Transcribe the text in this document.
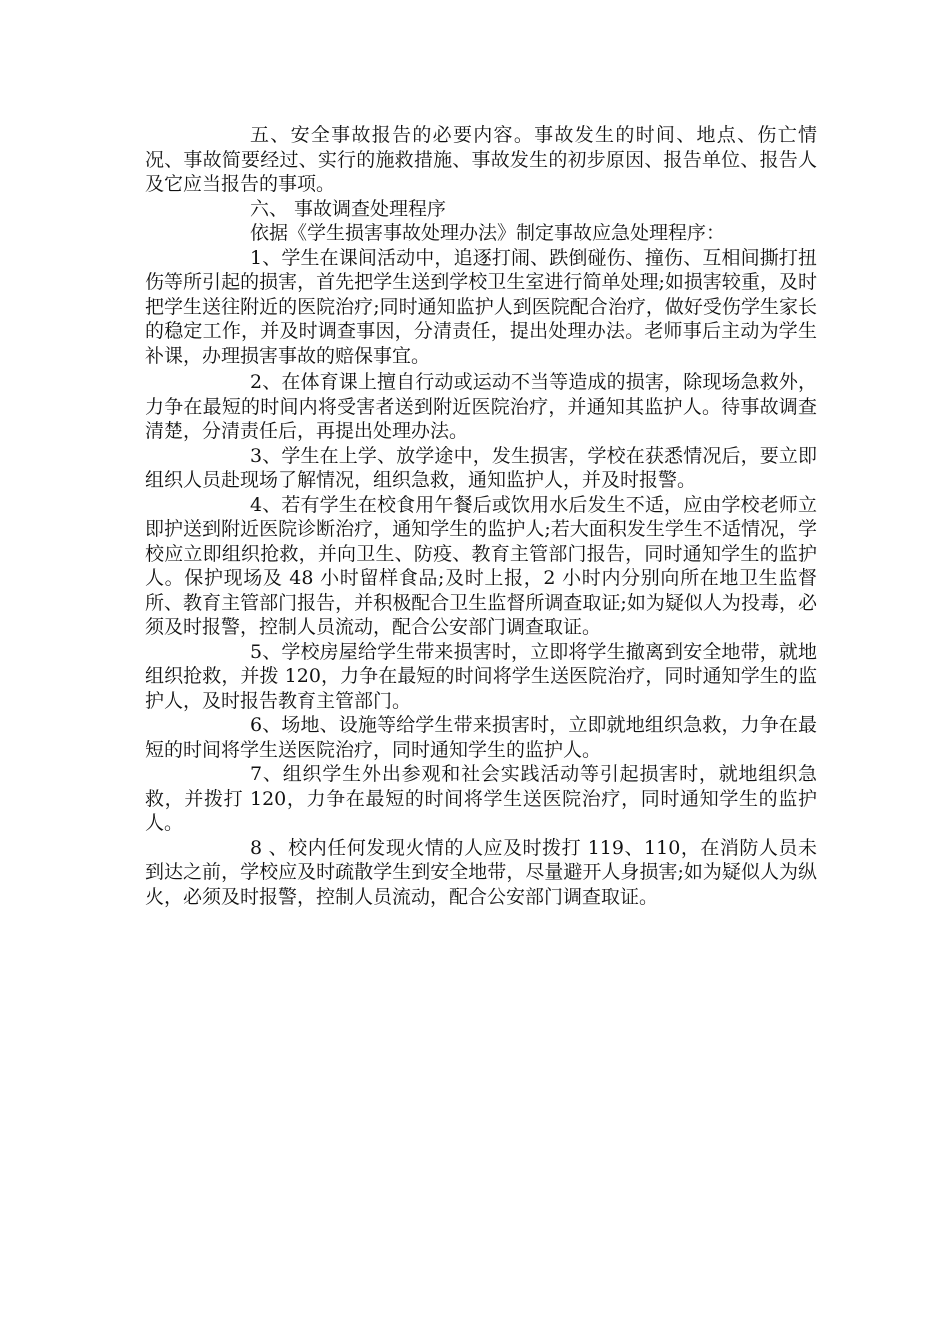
五、安全事故报告的必要内容。事故发生的时间、地点、伤亡情况、事故简要经过、实行的施救措施、事故发生的初步原因、报告单位、报告人及它应当报告的事项。

六、 事故调查处理程序

依据《学生损害事故处理办法》制定事故应急处理程序：

1、学生在课间活动中，追逐打闹、跌倒碰伤、撞伤、互相间撕打扭伤等所引起的损害，首先把学生送到学校卫生室进行简单处理;如损害较重，及时把学生送往附近的医院治疗;同时通知监护人到医院配合治疗，做好受伤学生家长的稳定工作，并及时调查事因，分清责任，提出处理办法。老师事后主动为学生补课，办理损害事故的赔保事宜。

2、在体育课上擅自行动或运动不当等造成的损害，除现场急救外，力争在最短的时间内将受害者送到附近医院治疗，并通知其监护人。待事故调查清楚，分清责任后，再提出处理办法。

3、学生在上学、放学途中，发生损害，学校在获悉情况后，要立即组织人员赴现场了解情况，组织急救，通知监护人，并及时报警。

4、若有学生在校食用午餐后或饮用水后发生不适，应由学校老师立即护送到附近医院诊断治疗，通知学生的监护人;若大面积发生学生不适情况，学校应立即组织抢救，并向卫生、防疫、教育主管部门报告，同时通知学生的监护人。保护现场及 48 小时留样食品;及时上报，2 小时内分别向所在地卫生监督所、教育主管部门报告，并积极配合卫生监督所调查取证;如为疑似人为投毒，必须及时报警，控制人员流动，配合公安部门调查取证。

5、学校房屋给学生带来损害时，立即将学生撤离到安全地带，就地组织抢救，并拨 120，力争在最短的时间将学生送医院治疗，同时通知学生的监护人，及时报告教育主管部门。

6、场地、设施等给学生带来损害时，立即就地组织急救，力争在最短的时间将学生送医院治疗，同时通知学生的监护人。

7、组织学生外出参观和社会实践活动等引起损害时，就地组织急救，并拨打 120，力争在最短的时间将学生送医院治疗，同时通知学生的监护人。

8 、校内任何发现火情的人应及时拨打 119、110，在消防人员未到达之前，学校应及时疏散学生到安全地带，尽量避开人身损害;如为疑似人为纵火，必须及时报警，控制人员流动，配合公安部门调查取证。
